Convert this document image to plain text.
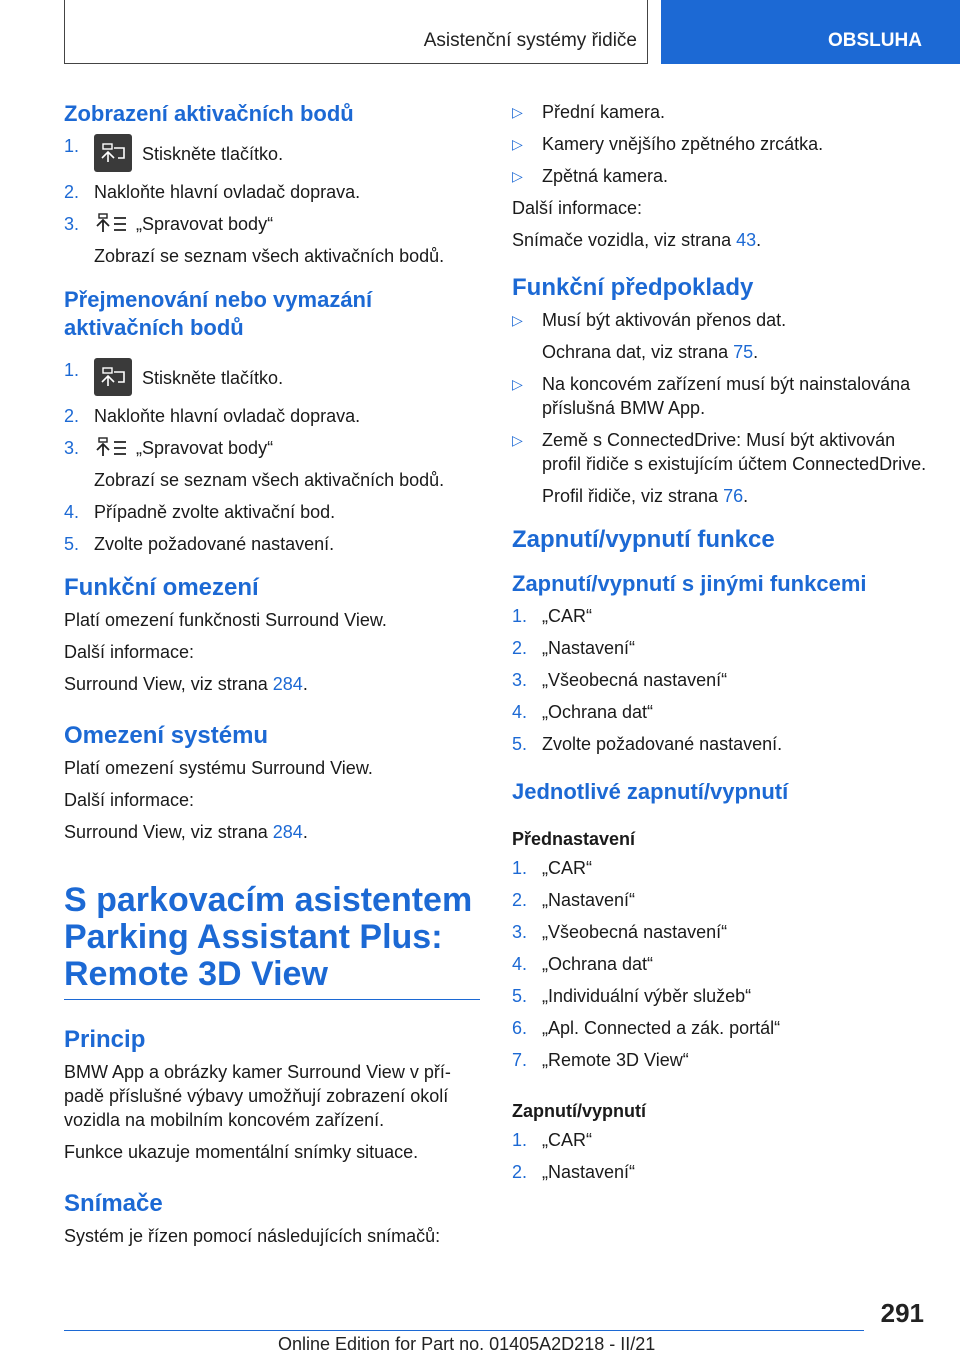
Asistenční systémy řidiče	OBSLUHA
Zobrazení aktivačních bodů
1.	Stiskněte tlačítko.
2. Nakloňte hlavní ovladač doprava.
3.	„Spravovat body“
Zobrazí se seznam všech aktivačních bodů.
Přejmenování nebo vymazání aktivačních bodů
1.	Stiskněte tlačítko.
2. Nakloňte hlavní ovladač doprava.
3.	„Spravovat body“
Zobrazí se seznam všech aktivačních bodů.
4. Případně zvolte aktivační bod.
5. Zvolte požadované nastavení.
Funkční omezení

Platí omezení funkčnosti Surround View.

Další informace:

Surround View, viz strana 284.

Omezení systému

Platí omezení systému Surround View.

Další informace:

Surround View, viz strana 284.

S parkovacím asistentem
Parking Assistant Plus:
Remote 3D View
Princip

BMW App a obrázky kamer Surround View v případě příslušné výbavy umožňují zobrazení okolí vozidla na mobilním koncovém zařízení.

Funkce ukazuje momentální snímky situace.

Snímače

Systém je řízen pomocí následujících snímačů:

▷ Přední kamera.
▷ Kamery vnějšího zpětného zrcátka.
▷ Zpětná kamera.

Další informace:

Snímače vozidla, viz strana 43.

Funkční předpoklady
▷ Musí být aktivován přenos dat.
Ochrana dat, viz strana 75.
▷ Na koncovém zařízení musí být nainstalována příslušná BMW App.
▷ Země s ConnectedDrive: Musí být aktivován profil řidiče s existujícím účtem ConnectedDrive.
Profil řidiče, viz strana 76.
Zapnutí/vypnutí funkce
Zapnutí/vypnutí s jinými funkcemi
1. „CAR“
2. „Nastavení“
3. „Všeobecná nastavení“
4. „Ochrana dat“
5. Zvolte požadované nastavení.
Jednotlivé zapnutí/vypnutí
Přednastavení
1. „CAR“
2. „Nastavení“
3. „Všeobecná nastavení“
4. „Ochrana dat“
5. „Individuální výběr služeb“
6. „Apl. Connected a zák. portál“
7. „Remote 3D View“
Zapnutí/vypnutí
1. „CAR“
2. „Nastavení“
291
Online Edition for Part no. 01405A2D218 - II/21
